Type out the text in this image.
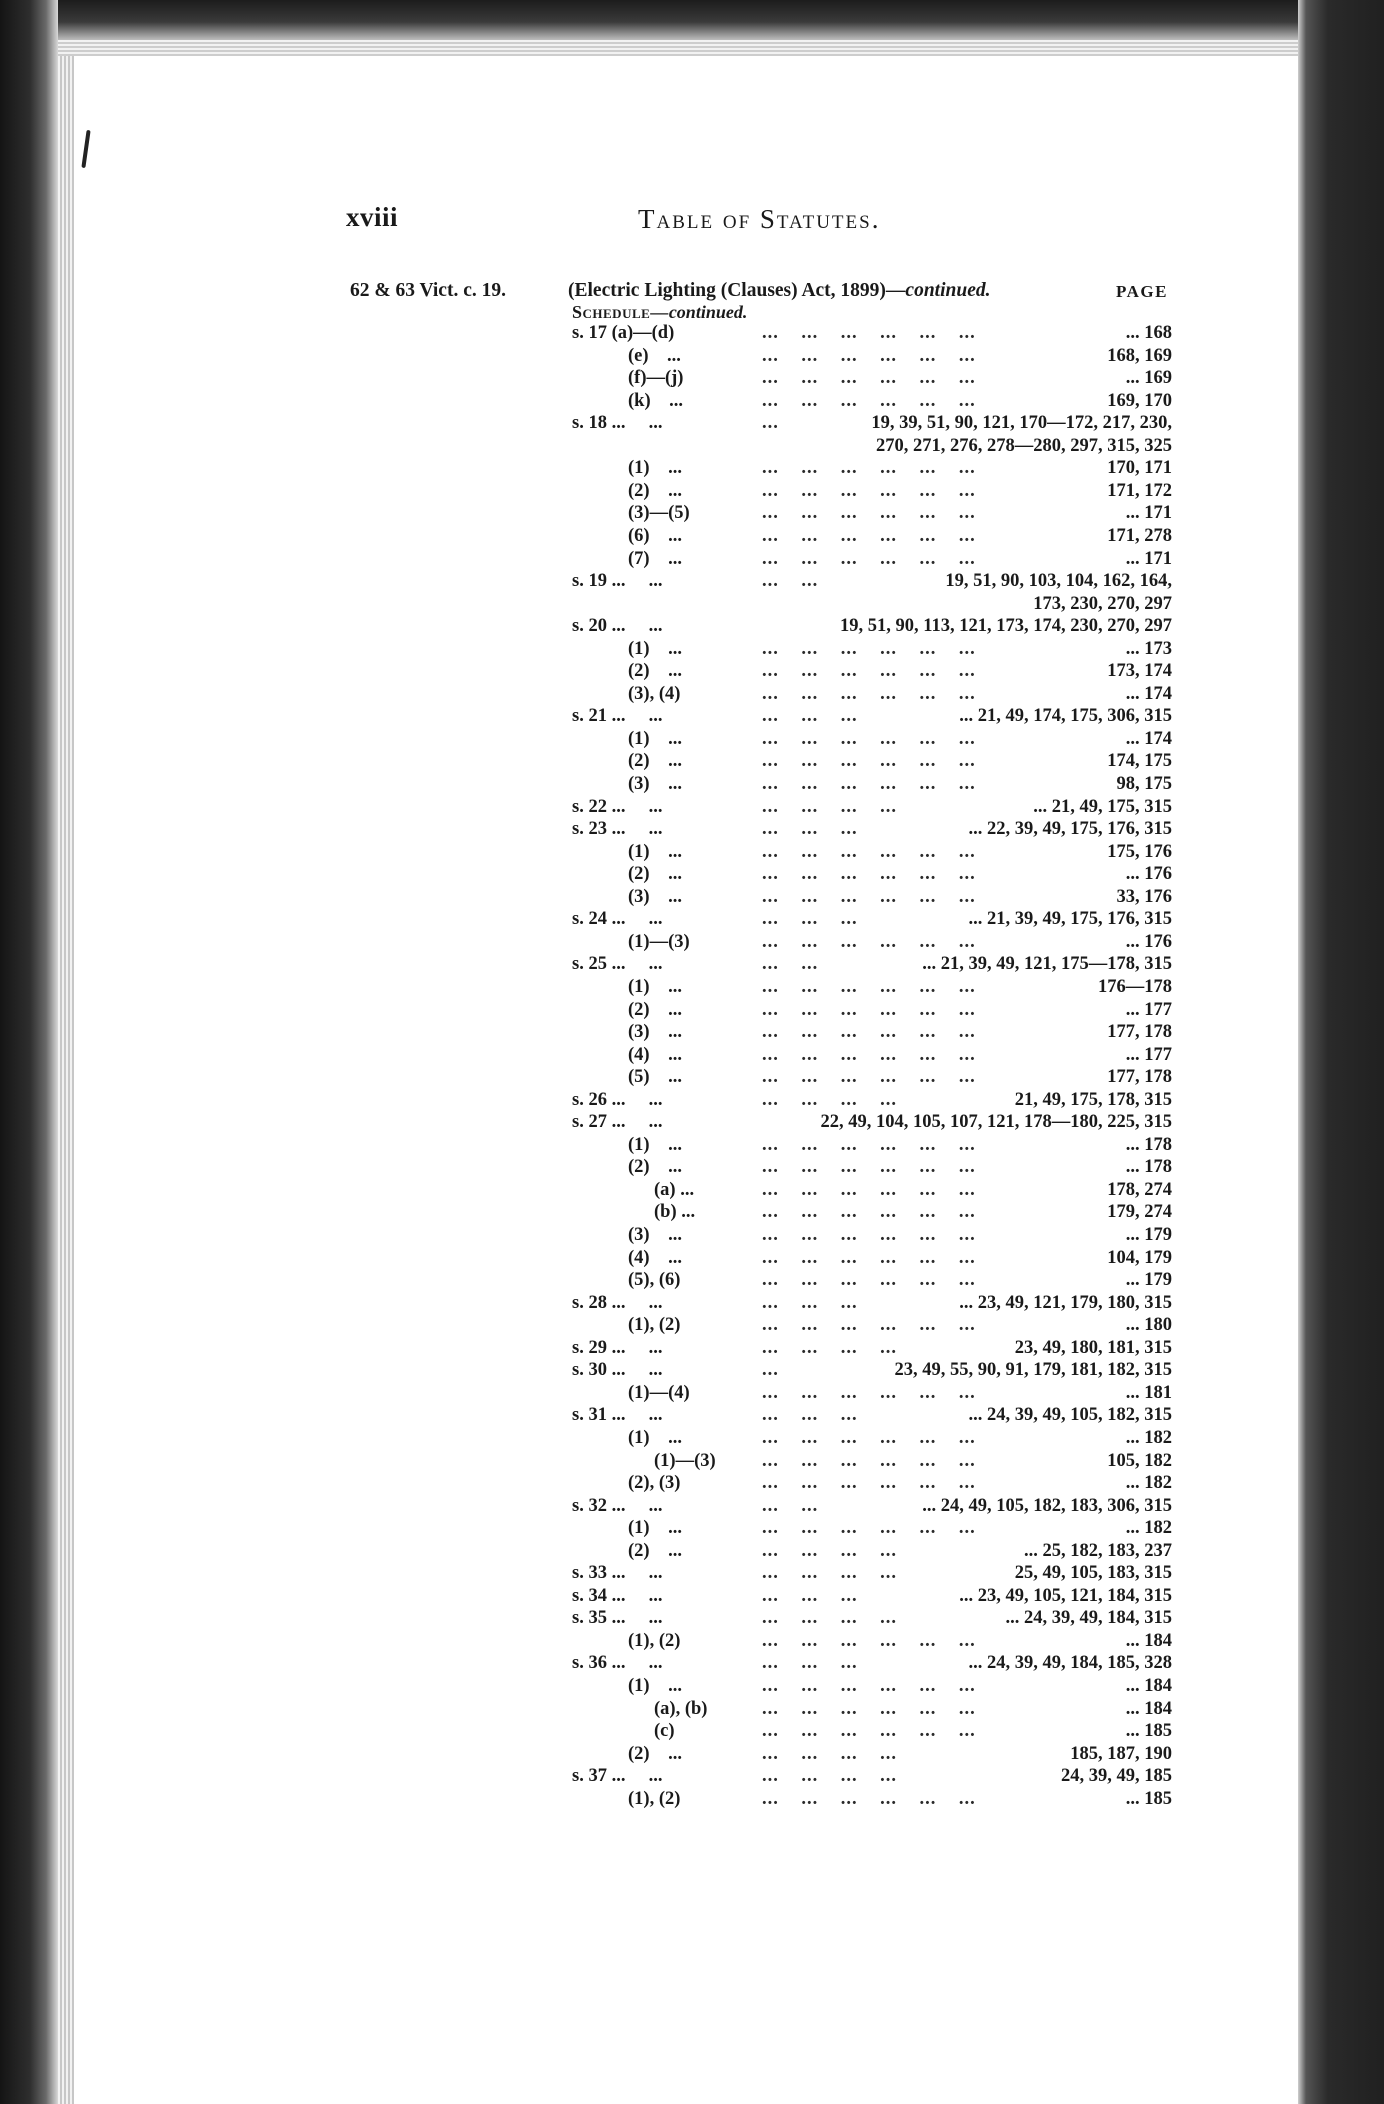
xviii	Table of Statutes.
62 & 63 Vict. c. 19.	(Electric Lighting (Clauses) Act, 1899)—continued.	PAGE
Schedule—continued.
s. 17 (a)—(d)	...    ...    ...    ...    ...    ...	... 168
(e)    ...	...    ...    ...    ...    ...    ...	168, 169
(f)—(j)	...    ...    ...    ...    ...    ...	... 169
(k)    ...	...    ...    ...    ...    ...    ...	169, 170
s. 18 ...     ...	...	19, 39, 51, 90, 121, 170—172, 217, 230,
270, 271, 276, 278—280, 297, 315, 325
(1)    ...	...    ...    ...    ...    ...    ...	170, 171
(2)    ...	...    ...    ...    ...    ...    ...	171, 172
(3)—(5)	...    ...    ...    ...    ...    ...	... 171
(6)    ...	...    ...    ...    ...    ...    ...	171, 278
(7)    ...	...    ...    ...    ...    ...    ...	... 171
s. 19 ...     ...	...    ...	19, 51, 90, 103, 104, 162, 164,
173, 230, 270, 297
s. 20 ...     ...	19, 51, 90, 113, 121, 173, 174, 230, 270, 297
(1)    ...	...    ...    ...    ...    ...    ...	... 173
(2)    ...	...    ...    ...    ...    ...    ...	173, 174
(3), (4)	...    ...    ...    ...    ...    ...	... 174
s. 21 ...     ...	...    ...    ...	... 21, 49, 174, 175, 306, 315
(1)    ...	...    ...    ...    ...    ...    ...	... 174
(2)    ...	...    ...    ...    ...    ...    ...	174, 175
(3)    ...	...    ...    ...    ...    ...    ...	98, 175
s. 22 ...     ...	...    ...    ...    ...	... 21, 49, 175, 315
s. 23 ...     ...	...    ...    ...	... 22, 39, 49, 175, 176, 315
(1)    ...	...    ...    ...    ...    ...    ...	175, 176
(2)    ...	...    ...    ...    ...    ...    ...	... 176
(3)    ...	...    ...    ...    ...    ...    ...	33, 176
s. 24 ...     ...	...    ...    ...	... 21, 39, 49, 175, 176, 315
(1)—(3)	...    ...    ...    ...    ...    ...	... 176
s. 25 ...     ...	...    ...	... 21, 39, 49, 121, 175—178, 315
(1)    ...	...    ...    ...    ...    ...    ...	176—178
(2)    ...	...    ...    ...    ...    ...    ...	... 177
(3)    ...	...    ...    ...    ...    ...    ...	177, 178
(4)    ...	...    ...    ...    ...    ...    ...	... 177
(5)    ...	...    ...    ...    ...    ...    ...	177, 178
s. 26 ...     ...	...    ...    ...    ...	21, 49, 175, 178, 315
s. 27 ...     ...	22, 49, 104, 105, 107, 121, 178—180, 225, 315
(1)    ...	...    ...    ...    ...    ...    ...	... 178
(2)    ...	...    ...    ...    ...    ...    ...	... 178
(a) ...	...    ...    ...    ...    ...    ...	178, 274
(b) ...	...    ...    ...    ...    ...    ...	179, 274
(3)    ...	...    ...    ...    ...    ...    ...	... 179
(4)    ...	...    ...    ...    ...    ...    ...	104, 179
(5), (6)	...    ...    ...    ...    ...    ...	... 179
s. 28 ...     ...	...    ...    ...	... 23, 49, 121, 179, 180, 315
(1), (2)	...    ...    ...    ...    ...    ...	... 180
s. 29 ...     ...	...    ...    ...    ...	23, 49, 180, 181, 315
s. 30 ...     ...	...	23, 49, 55, 90, 91, 179, 181, 182, 315
(1)—(4)	...    ...    ...    ...    ...    ...	... 181
s. 31 ...     ...	...    ...    ...	... 24, 39, 49, 105, 182, 315
(1)    ...	...    ...    ...    ...    ...    ...	... 182
(1)—(3)	...    ...    ...    ...    ...    ...	105, 182
(2), (3)	...    ...    ...    ...    ...    ...	... 182
s. 32 ...     ...	...    ...	... 24, 49, 105, 182, 183, 306, 315
(1)    ...	...    ...    ...    ...    ...    ...	... 182
(2)    ...	...    ...    ...    ...	... 25, 182, 183, 237
s. 33 ...     ...	...    ...    ...    ...	25, 49, 105, 183, 315
s. 34 ...     ...	...    ...    ...	... 23, 49, 105, 121, 184, 315
s. 35 ...     ...	...    ...    ...    ...	... 24, 39, 49, 184, 315
(1), (2)	...    ...    ...    ...    ...    ...	... 184
s. 36 ...     ...	...    ...    ...	... 24, 39, 49, 184, 185, 328
(1)    ...	...    ...    ...    ...    ...    ...	... 184
(a), (b)	...    ...    ...    ...    ...    ...	... 184
(c)	...    ...    ...    ...    ...    ...	... 185
(2)    ...	...    ...    ...    ...	185, 187, 190
s. 37 ...     ...	...    ...    ...    ...	24, 39, 49, 185
(1), (2)	...    ...    ...    ...    ...    ...	... 185
